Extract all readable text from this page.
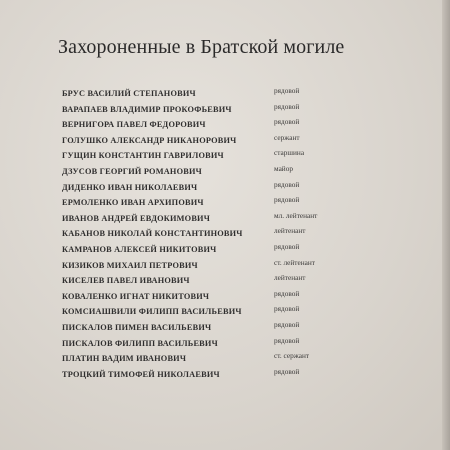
Захороненные в Братской могиле
БРУС ВАСИЛИЙ СТЕПАНОВИЧ	рядовой
ВАРАПАЕВ ВЛАДИМИР ПРОКОФЬЕВИЧ	рядовой
ВЕРНИГОРА ПАВЕЛ ФЕДОРОВИЧ	рядовой
ГОЛУШКО АЛЕКСАНДР НИКАНОРОВИЧ	сержант
ГУЩИН КОНСТАНТИН ГАВРИЛОВИЧ	старшина
ДЗУСОВ ГЕОРГИЙ РОМАНОВИЧ	майор
ДИДЕНКО ИВАН НИКОЛАЕВИЧ	рядовой
ЕРМОЛЕНКО ИВАН АРХИПОВИЧ	рядовой
ИВАНОВ АНДРЕЙ ЕВДОКИМОВИЧ	мл. лейтенант
КАБАНОВ НИКОЛАЙ КОНСТАНТИНОВИЧ	лейтенант
КАМРАНОВ АЛЕКСЕЙ НИКИТОВИЧ	рядовой
КИЗИКОВ МИХАИЛ ПЕТРОВИЧ	ст. лейтенант
КИСЕЛЕВ ПАВЕЛ ИВАНОВИЧ	лейтенант
КОВАЛЕНКО ИГНАТ НИКИТОВИЧ	рядовой
КОМСИАШВИЛИ ФИЛИПП ВАСИЛЬЕВИЧ	рядовой
ПИСКАЛОВ ПИМЕН ВАСИЛЬЕВИЧ	рядовой
ПИСКАЛОВ ФИЛИПП ВАСИЛЬЕВИЧ	рядовой
ПЛАТИН ВАДИМ ИВАНОВИЧ	ст. сержант
ТРОЦКИЙ ТИМОФЕЙ НИКОЛАЕВИЧ	рядовой
